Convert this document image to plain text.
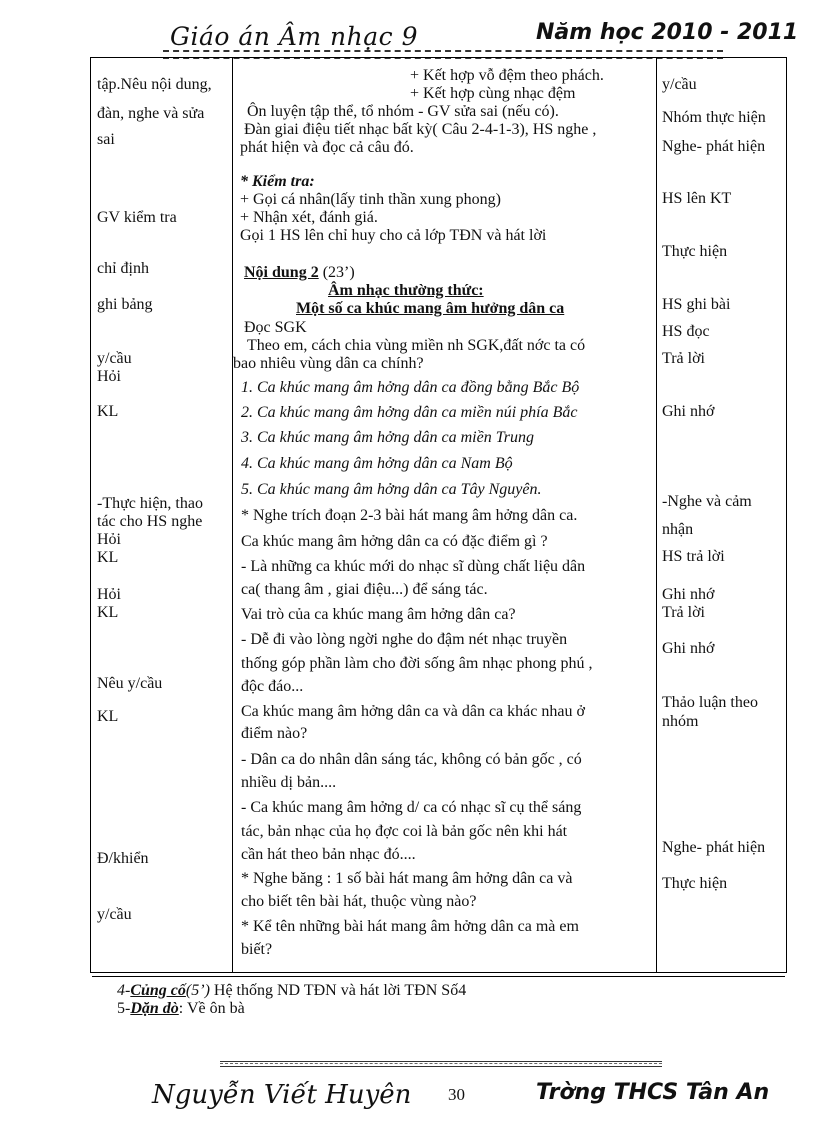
Giáo án Âm nhạc 9	Năm học 2010 - 2011
tập.Nêu nội dung,
đàn, nghe và sửa
sai
GV kiểm tra
chỉ định
ghi bảng
y/cầu
Hỏi
KL
-Thực hiện, thao
tác cho HS nghe
Hỏi
KL
Hỏi
KL
Nêu y/cầu
KL
Đ/khiển
y/cầu
+ Kết hợp vỗ đệm theo phách.
+ Kết hợp cùng nhạc đệm
Ôn luyện tập thể, tổ nhóm - GV sửa sai (nếu có).
Đàn giai điệu tiết nhạc bất kỳ( Câu 2-4-1-3), HS nghe ,
phát hiện và đọc cả câu đó.
* Kiểm tra:
+ Gọi cá nhân(lấy tinh thần xung phong)
+ Nhận xét, đánh giá.
Gọi 1 HS lên chỉ huy cho cả lớp TĐN và hát lời
Nội dung 2 (23’)
Âm nhạc thường thức:
Một số ca khúc mang âm hưởng dân ca
Đọc SGK
Theo em, cách chia vùng miền nh SGK,đất nớc ta có
bao nhiêu vùng dân ca chính?
1. Ca khúc mang âm hởng dân ca đồng bằng Bắc Bộ
2. Ca khúc mang âm hởng dân ca miền núi phía Bắc
3. Ca khúc mang âm hởng dân ca miền Trung
4. Ca khúc mang âm hởng dân ca Nam Bộ
5. Ca khúc mang âm hởng dân ca Tây Nguyên.
* Nghe trích đoạn 2-3 bài hát mang âm hởng dân ca.
Ca khúc mang âm hởng dân ca có đặc điểm gì ?
- Là những ca khúc mới do nhạc sĩ dùng chất liệu dân
ca( thang âm , giai điệu...) để sáng tác.
Vai trò của ca khúc mang âm hởng dân ca?
- Dễ đi vào lòng ngời nghe do đậm nét nhạc truyền
thống góp phần làm cho đời sống âm nhạc phong phú ,
độc đáo...
Ca khúc mang âm hởng dân ca và dân ca khác nhau ở
điểm nào?
- Dân ca do nhân dân sáng tác, không có bản gốc , có
nhiều dị bản....
- Ca khúc mang âm hởng d/ ca có nhạc sĩ cụ thể sáng
tác, bản nhạc của họ đợc coi là bản gốc nên khi hát
cần hát theo bản nhạc đó....
* Nghe băng : 1 số bài hát mang âm hởng dân ca và
cho biết tên bài hát, thuộc vùng nào?
* Kể tên những bài hát mang âm hởng dân ca mà em
biết?
y/cầu
Nhóm thực hiện
Nghe- phát hiện
HS lên KT
Thực hiện
HS ghi bài
HS đọc
Trả lời
Ghi nhớ
-Nghe và cảm
nhận
HS trả lời
Ghi nhớ
Trả lời
Ghi nhớ
Thảo luận theo
nhóm
Nghe- phát hiện
Thực hiện
4-Củng cố(5’) Hệ thống ND TĐN và hát lời TĐN Số4
5-Dặn dò: Về ôn bà
Nguyễn Viết Huyên 30	Trờng THCS Tân An
